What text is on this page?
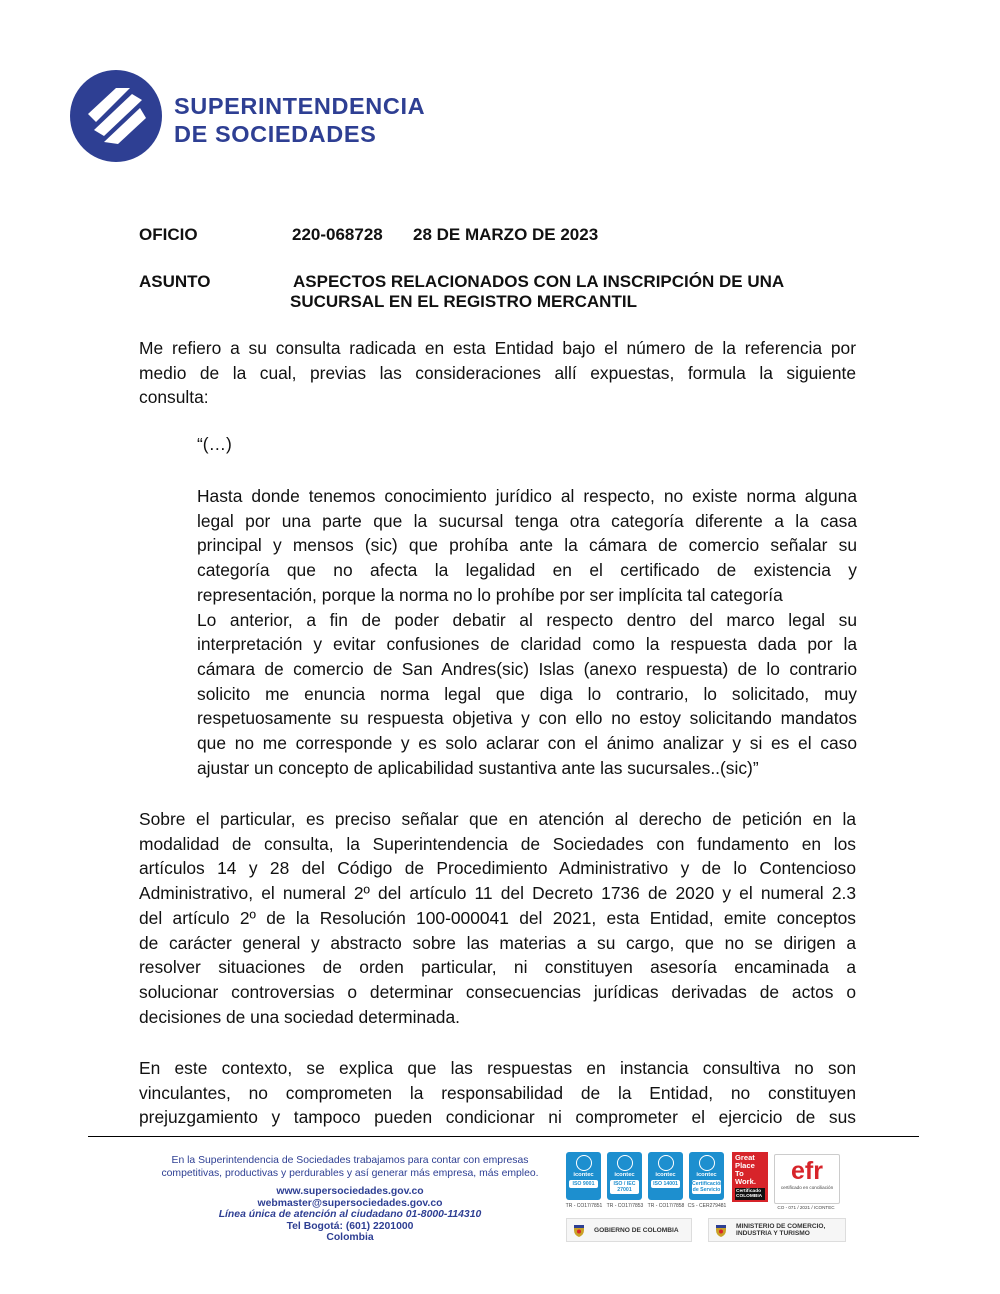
SUPERINTENDENCIA
DE SOCIEDADES
OFICIO	220-068728 28 DE MARZO DE 2023
ASUNTO	ASPECTOS RELACIONADOS CON LA INSCRIPCIÓN DE UNA
SUCURSAL EN EL REGISTRO MERCANTIL
Me refiero a su consulta radicada en esta Entidad bajo el número de la referencia por
medio de la cual, previas las consideraciones allí expuestas, formula la siguiente
consulta:
“(…)
Hasta donde tenemos conocimiento jurídico al respecto, no existe norma alguna
legal por una parte que la sucursal tenga otra categoría diferente a la casa
principal y mensos (sic) que prohíba ante la cámara de comercio señalar su
categoría que no afecta la legalidad en el certificado de existencia y
representación, porque la norma no lo prohíbe por ser implícita tal categoría
Lo anterior, a fin de poder debatir al respecto dentro del marco legal su
interpretación y evitar confusiones de claridad como la respuesta dada por la
cámara de comercio de San Andres(sic) Islas (anexo respuesta) de lo contrario
solicito me enuncia norma legal que diga lo contrario, lo solicitado, muy
respetuosamente su respuesta objetiva y con ello no estoy solicitando mandatos
que no me corresponde y es solo aclarar con el ánimo analizar y si es el caso
ajustar un concepto de aplicabilidad sustantiva ante las sucursales..(sic)”
Sobre el particular, es preciso señalar que en atención al derecho de petición en la
modalidad de consulta, la Superintendencia de Sociedades con fundamento en los
artículos 14 y 28 del Código de Procedimiento Administrativo y de lo Contencioso
Administrativo, el numeral 2º del artículo 11 del Decreto 1736 de 2020 y el numeral 2.3
del artículo 2º de la Resolución 100-000041 del 2021, esta Entidad, emite conceptos
de carácter general y abstracto sobre las materias a su cargo, que no se dirigen a
resolver situaciones de orden particular, ni constituyen asesoría encaminada a
solucionar controversias o determinar consecuencias jurídicas derivadas de actos o
decisiones de una sociedad determinada.
En este contexto, se explica que las respuestas en instancia consultiva no son
vinculantes, no comprometen la responsabilidad de la Entidad, no constituyen
prejuzgamiento y tampoco pueden condicionar ni comprometer el ejercicio de sus
En la Superintendencia de Sociedades trabajamos para contar con empresas
competitivas, productivas y perdurables y así generar más empresa, más empleo.
www.supersociedades.gov.co
webmaster@supersociedades.gov.co
Línea única de atención al ciudadano 01-8000-114310
Tel Bogotá: (601) 2201000
Colombia
icontec
ISO 9001
TR - CO17/7851
icontec
ISO / IEC 27001
TR - CO17/7853
icontec
ISO 14001
TR - CO17/7858
icontec
Certificación de Servicio
CS - CER279481
Great Place To Work.
Certificado COLOMBIA
efr
certificado en conciliación
CO - 071 / 2021 / ICONTEC
GOBIERNO DE COLOMBIA	MINISTERIO DE COMERCIO,
INDUSTRIA Y TURISMO
